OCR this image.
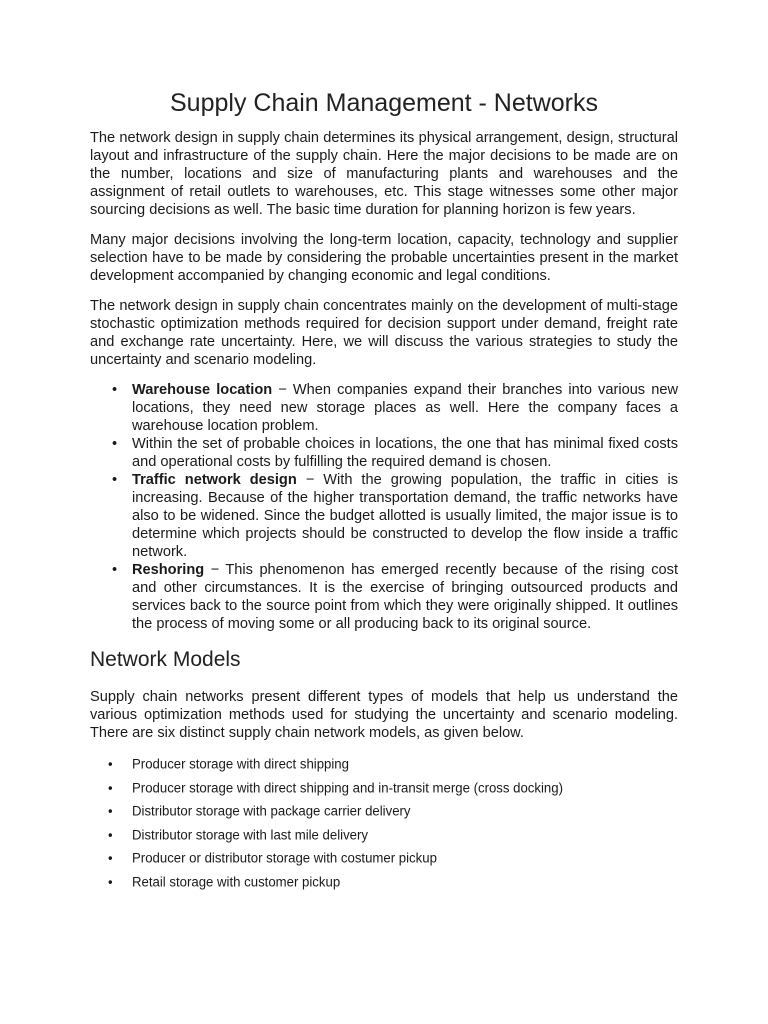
Supply Chain Management - Networks

The network design in supply chain determines its physical arrangement, design, structural layout and infrastructure of the supply chain. Here the major decisions to be made are on the number, locations and size of manufacturing plants and warehouses and the assignment of retail outlets to warehouses, etc. This stage witnesses some other major sourcing decisions as well. The basic time duration for planning horizon is few years.

Many major decisions involving the long-term location, capacity, technology and supplier selection have to be made by considering the probable uncertainties present in the market development accompanied by changing economic and legal conditions.

The network design in supply chain concentrates mainly on the development of multi-stage stochastic optimization methods required for decision support under demand, freight rate and exchange rate uncertainty. Here, we will discuss the various strategies to study the uncertainty and scenario modeling.

• Warehouse location − When companies expand their branches into various new locations, they need new storage places as well. Here the company faces a warehouse location problem.
• Within the set of probable choices in locations, the one that has minimal fixed costs and operational costs by fulfilling the required demand is chosen.
• Traffic network design − With the growing population, the traffic in cities is increasing. Because of the higher transportation demand, the traffic networks have also to be widened. Since the budget allotted is usually limited, the major issue is to determine which projects should be constructed to develop the flow inside a traffic network.
• Reshoring − This phenomenon has emerged recently because of the rising cost and other circumstances. It is the exercise of bringing outsourced products and services back to the source point from which they were originally shipped. It outlines the process of moving some or all producing back to its original source.
Network Models

Supply chain networks present different types of models that help us understand the various optimization methods used for studying the uncertainty and scenario modeling. There are six distinct supply chain network models, as given below.

• Producer storage with direct shipping
• Producer storage with direct shipping and in-transit merge (cross docking)
• Distributor storage with package carrier delivery
• Distributor storage with last mile delivery
• Producer or distributor storage with costumer pickup
• Retail storage with customer pickup
